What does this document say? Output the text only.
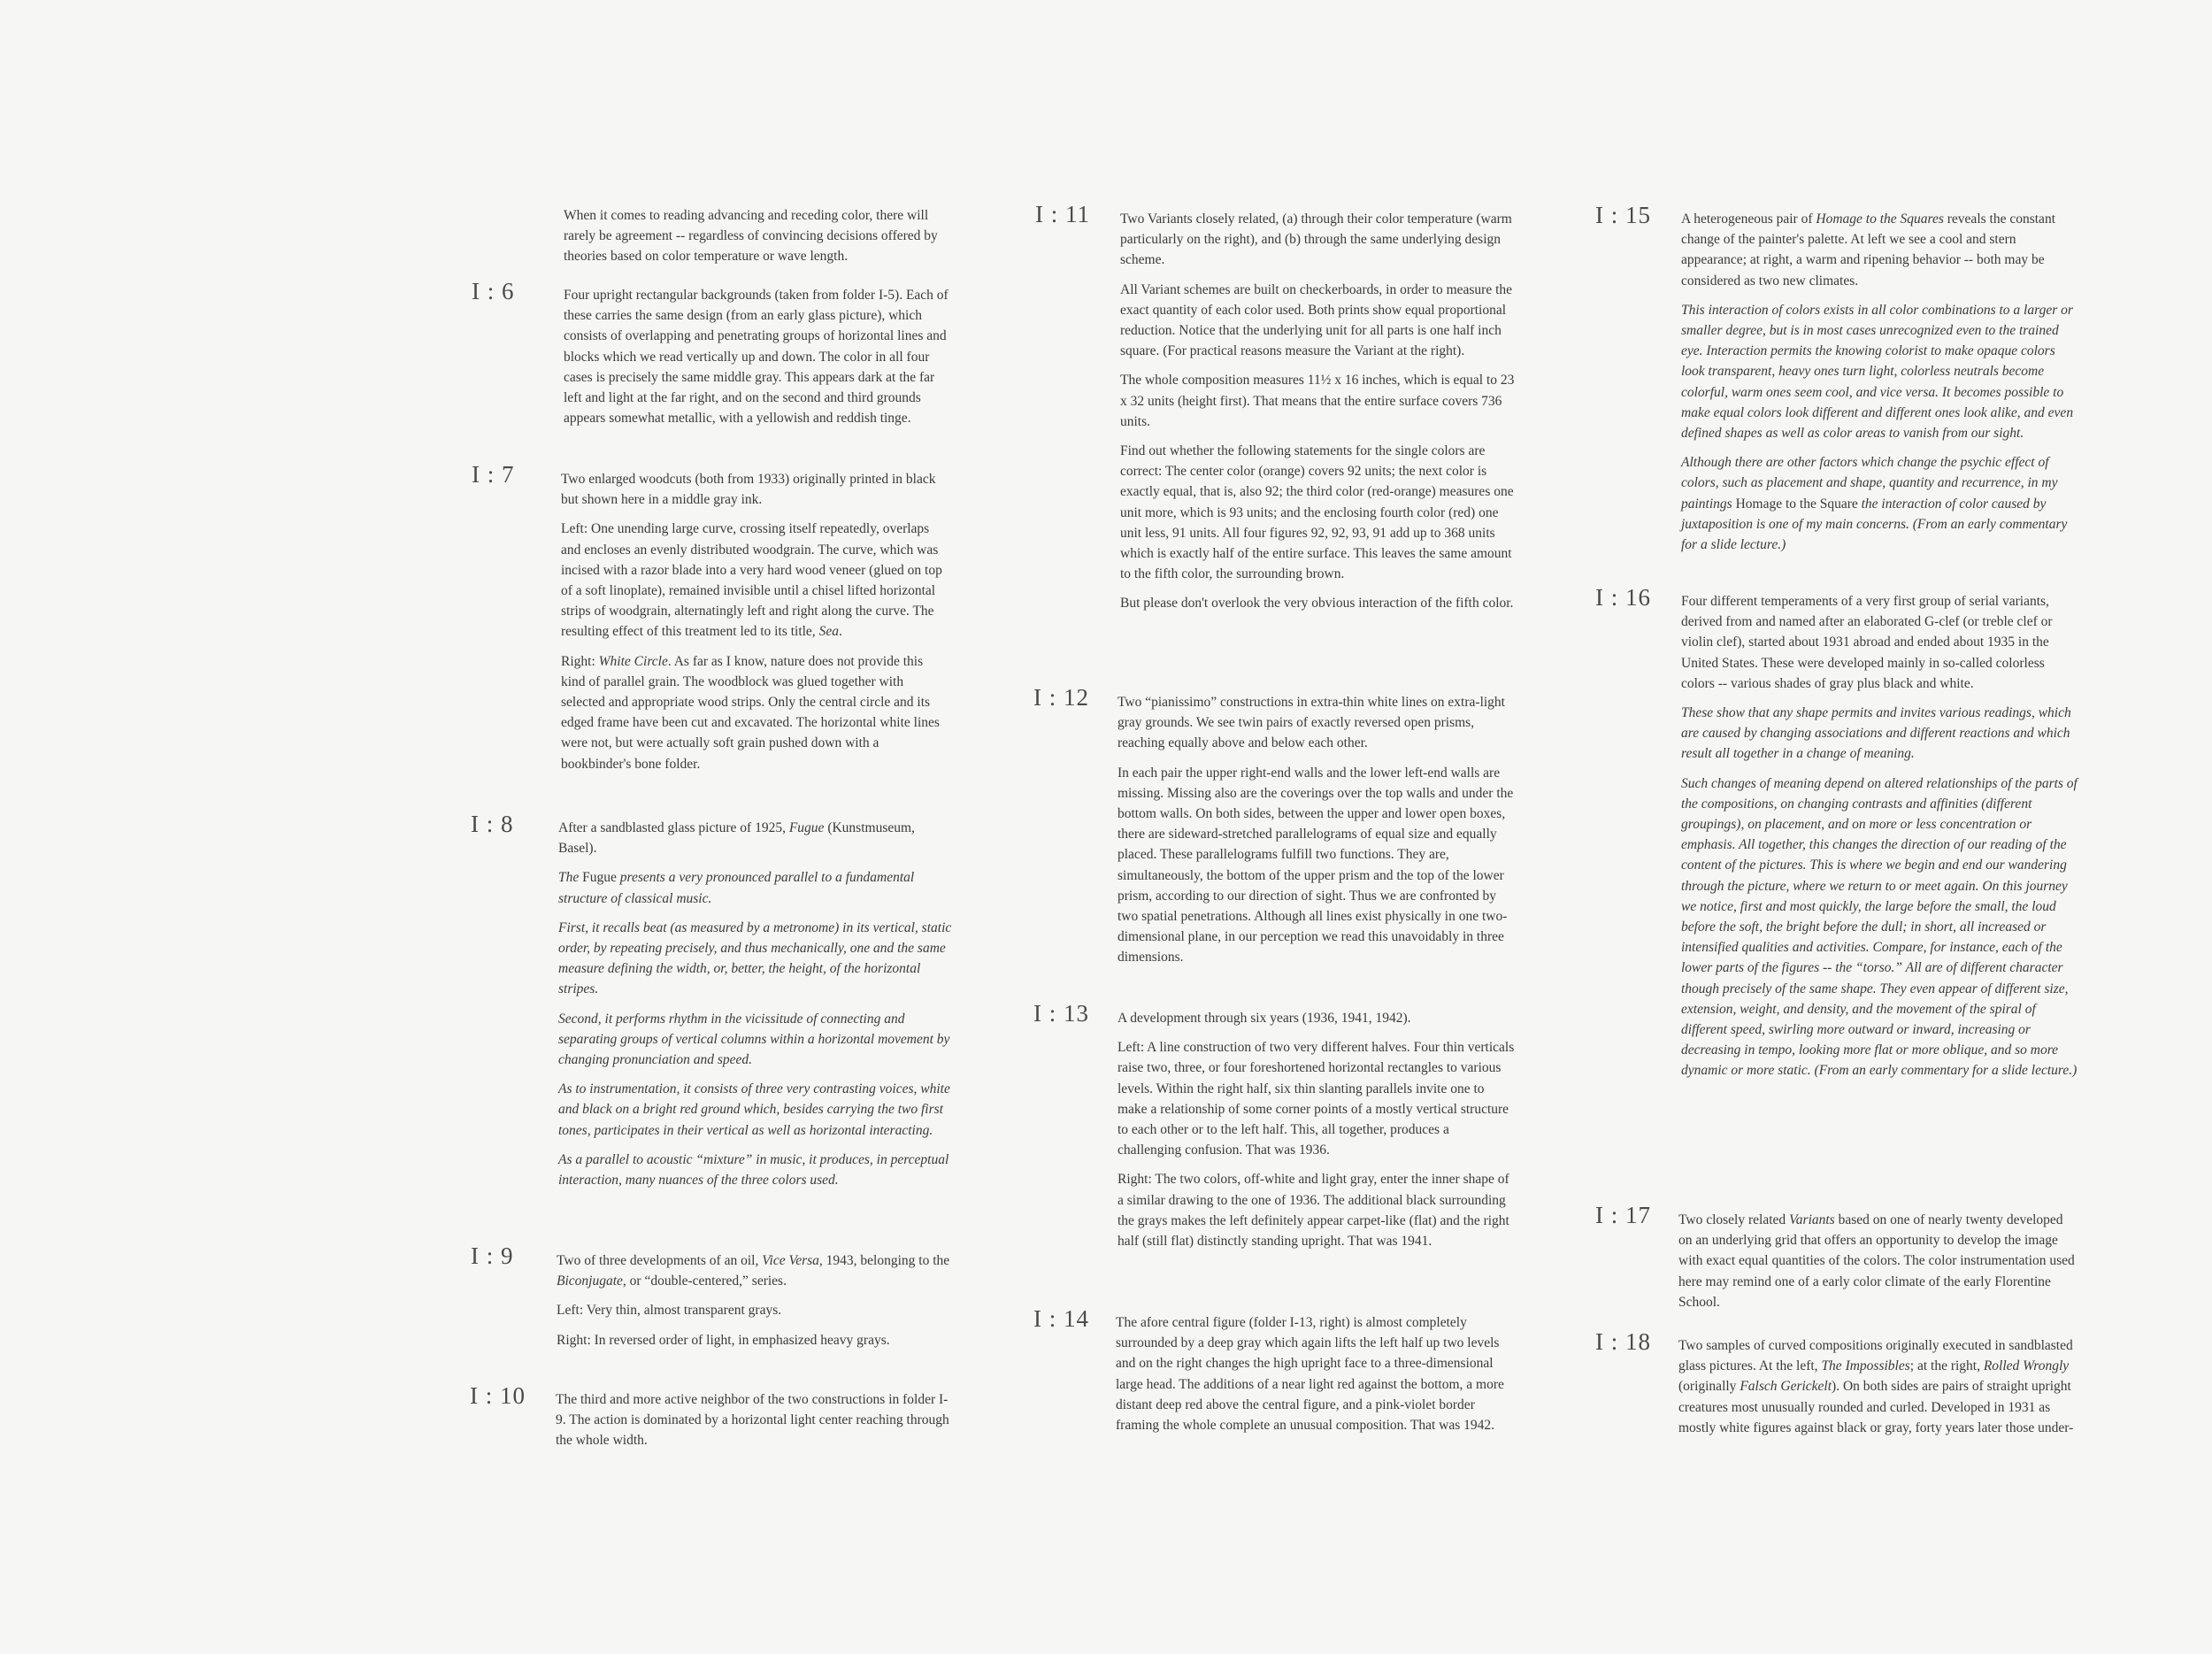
When it comes to reading advancing and receding color, there will rarely be agreement -- regardless of convincing decisions offered by theories based on color temperature or wave length.

I : 6	Four upright rectangular backgrounds (taken from folder I-5). Each of these carries the same design (from an early glass picture), which consists of overlapping and penetrating groups of horizontal lines and blocks which we read vertically up and down. The color in all four cases is precisely the same middle gray. This appears dark at the far left and light at the far right, and on the second and third grounds appears somewhat metallic, with a yellowish and reddish tinge.

I : 7	Two enlarged woodcuts (both from 1933) originally printed in black but shown here in a middle gray ink.

Left: One unending large curve, crossing itself repeatedly, overlaps and encloses an evenly distributed woodgrain. The curve, which was incised with a razor blade into a very hard wood veneer (glued on top of a soft linoplate), remained invisible until a chisel lifted horizontal strips of woodgrain, alternatingly left and right along the curve. The resulting effect of this treatment led to its title, Sea.

Right: White Circle. As far as I know, nature does not provide this kind of parallel grain. The woodblock was glued together with selected and appropriate wood strips. Only the central circle and its edged frame have been cut and excavated. The horizontal white lines were not, but were actually soft grain pushed down with a bookbinder's bone folder.

I : 8	After a sandblasted glass picture of 1925, Fugue (Kunstmuseum, Basel).

The Fugue presents a very pronounced parallel to a fundamental structure of classical music.

First, it recalls beat (as measured by a metronome) in its vertical, static order, by repeating precisely, and thus mechanically, one and the same measure defining the width, or, better, the height, of the horizontal stripes.

Second, it performs rhythm in the vicissitude of connecting and separating groups of vertical columns within a horizontal movement by changing pronunciation and speed.

As to instrumentation, it consists of three very contrasting voices, white and black on a bright red ground which, besides carrying the two first tones, participates in their vertical as well as horizontal interacting.

As a parallel to acoustic “mixture” in music, it produces, in perceptual interaction, many nuances of the three colors used.

I : 9	Two of three developments of an oil, Vice Versa, 1943, belonging to the Biconjugate, or “double-centered,” series.

Left: Very thin, almost transparent grays.

Right: In reversed order of light, in emphasized heavy grays.

I : 10 The third and more active neighbor of the two constructions in folder I-9. The action is dominated by a horizontal light center reaching through the whole width.

I : 11 Two Variants closely related, (a) through their color temperature (warm particularly on the right), and (b) through the same underlying design scheme.

All Variant schemes are built on checkerboards, in order to measure the exact quantity of each color used. Both prints show equal proportional reduction. Notice that the underlying unit for all parts is one half inch square. (For practical reasons measure the Variant at the right).

The whole composition measures 11½ x 16 inches, which is equal to 23 x 32 units (height first). That means that the entire surface covers 736 units.

Find out whether the following statements for the single colors are correct: The center color (orange) covers 92 units; the next color is exactly equal, that is, also 92; the third color (red-orange) measures one unit more, which is 93 units; and the enclosing fourth color (red) one unit less, 91 units. All four figures 92, 92, 93, 91 add up to 368 units which is exactly half of the entire surface. This leaves the same amount to the fifth color, the surrounding brown.

But please don't overlook the very obvious interaction of the fifth color.

I : 12 Two “pianissimo” constructions in extra-thin white lines on extra-light gray grounds. We see twin pairs of exactly reversed open prisms, reaching equally above and below each other.

In each pair the upper right-end walls and the lower left-end walls are missing. Missing also are the coverings over the top walls and under the bottom walls. On both sides, between the upper and lower open boxes, there are sideward-stretched parallelograms of equal size and equally placed. These parallelograms fulfill two functions. They are, simultaneously, the bottom of the upper prism and the top of the lower prism, according to our direction of sight. Thus we are confronted by two spatial penetrations. Although all lines exist physically in one two-dimensional plane, in our perception we read this unavoidably in three dimensions.

I : 13 A development through six years (1936, 1941, 1942).

Left: A line construction of two very different halves. Four thin verticals raise two, three, or four foreshortened horizontal rectangles to various levels. Within the right half, six thin slanting parallels invite one to make a relationship of some corner points of a mostly vertical structure to each other or to the left half. This, all together, produces a challenging confusion. That was 1936.

Right: The two colors, off-white and light gray, enter the inner shape of a similar drawing to the one of 1936. The additional black surrounding the grays makes the left definitely appear carpet-like (flat) and the right half (still flat) distinctly standing upright. That was 1941.

I : 14 The afore central figure (folder I-13, right) is almost completely surrounded by a deep gray which again lifts the left half up two levels and on the right changes the high upright face to a three-dimensional large head. The additions of a near light red against the bottom, a more distant deep red above the central figure, and a pink-violet border framing the whole complete an unusual composition. That was 1942.

I : 15 A heterogeneous pair of Homage to the Squares reveals the constant change of the painter's palette. At left we see a cool and stern appearance; at right, a warm and ripening behavior -- both may be considered as two new climates.

This interaction of colors exists in all color combinations to a larger or smaller degree, but is in most cases unrecognized even to the trained eye. Interaction permits the knowing colorist to make opaque colors look transparent, heavy ones turn light, colorless neutrals become colorful, warm ones seem cool, and vice versa. It becomes possible to make equal colors look different and different ones look alike, and even defined shapes as well as color areas to vanish from our sight.

Although there are other factors which change the psychic effect of colors, such as placement and shape, quantity and recurrence, in my paintings Homage to the Square the interaction of color caused by juxtaposition is one of my main concerns. (From an early commentary for a slide lecture.)

I : 16 Four different temperaments of a very first group of serial variants, derived from and named after an elaborated G-clef (or treble clef or violin clef), started about 1931 abroad and ended about 1935 in the United States. These were developed mainly in so-called colorless colors -- various shades of gray plus black and white.

These show that any shape permits and invites various readings, which are caused by changing associations and different reactions and which result all together in a change of meaning.

Such changes of meaning depend on altered relationships of the parts of the compositions, on changing contrasts and affinities (different groupings), on placement, and on more or less concentration or emphasis. All together, this changes the direction of our reading of the content of the pictures. This is where we begin and end our wandering through the picture, where we return to or meet again. On this journey we notice, first and most quickly, the large before the small, the loud before the soft, the bright before the dull; in short, all increased or intensified qualities and activities. Compare, for instance, each of the lower parts of the figures -- the “torso.” All are of different character though precisely of the same shape. They even appear of different size, extension, weight, and density, and the movement of the spiral of different speed, swirling more outward or inward, increasing or decreasing in tempo, looking more flat or more oblique, and so more dynamic or more static. (From an early commentary for a slide lecture.)

I : 17 Two closely related Variants based on one of nearly twenty developed on an underlying grid that offers an opportunity to develop the image with exact equal quantities of the colors. The color instrumentation used here may remind one of a early color climate of the early Florentine School.

I : 18 Two samples of curved compositions originally executed in sandblasted glass pictures. At the left, The Impossibles; at the right, Rolled Wrongly (originally Falsch Gerickelt). On both sides are pairs of straight upright creatures most unusually rounded and curled. Developed in 1931 as mostly white figures against black or gray, forty years later those under-
